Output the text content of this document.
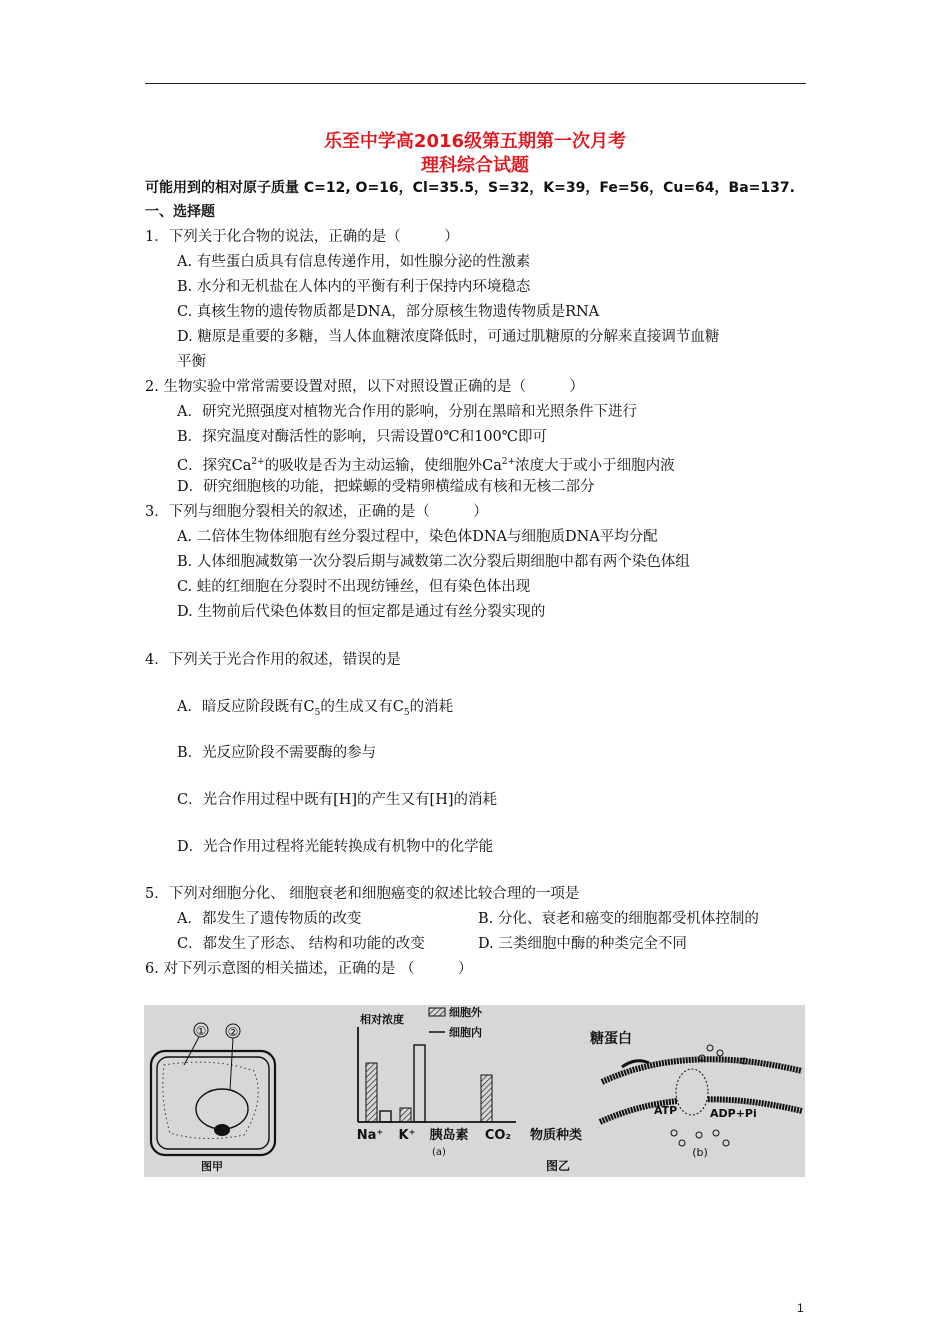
乐至中学高2016级第五期第一次月考
理科综合试题
可能用到的相对原子质量 C=12, O=16，Cl=35.5，S=32，K=39，Fe=56，Cu=64，Ba=137.
一、选择题
1．下列关于化合物的说法，正确的是（　　　）
A. 有些蛋白质具有信息传递作用，如性腺分泌的性激素
B. 水分和无机盐在人体内的平衡有利于保持内环境稳态
C. 真核生物的遗传物质都是DNA，部分原核生物遗传物质是RNA
D. 糖原是重要的多糖，当人体血糖浓度降低时，可通过肌糖原的分解来直接调节血糖
平衡
2. 生物实验中常常需要设置对照，以下对照设置正确的是（　　　）
A．研究光照强度对植物光合作用的影响，分别在黑暗和光照条件下进行
B．探究温度对酶活性的影响，只需设置0℃和100℃即可
C．探究$Ca^{2+}$的吸收是否为主动运输，使细胞外$Ca^{2+}$浓度大于或小于细胞内液
D．研究细胞核的功能，把蝾螈的受精卵横缢成有核和无核二部分
3．下列与细胞分裂相关的叙述，正确的是（　　　）
A. 二倍体生物体细胞有丝分裂过程中，染色体DNA与细胞质DNA平均分配
B. 人体细胞减数第一次分裂后期与减数第二次分裂后期细胞中都有两个染色体组
C. 蛙的红细胞在分裂时不出现纺锤丝，但有染色体出现
D. 生物前后代染色体数目的恒定都是通过有丝分裂实现的
4．下列关于光合作用的叙述，错误的是
A．暗反应阶段既有$C_5$的生成又有$C_5$的消耗
B．光反应阶段不需要酶的参与
C．光合作用过程中既有[H]的产生又有[H]的消耗
D．光合作用过程将光能转换成有机物中的化学能
5．下列对细胞分化、 细胞衰老和细胞癌变的叙述比较合理的一项是
A．都发生了遗传物质的改变	B. 分化、衰老和癌变的细胞都受机体控制的
C．都发生了形态、 结构和功能的改变	D. 三类细胞中酶的种类完全不同
6. 对下列示意图的相关描述，正确的是 （　　　）
① ②
图甲
相对浓度
细胞外
细胞内
Na⁺ K⁺ 胰岛素 CO₂ 物质种类
(a)
图乙
糖蛋白
ATP	ADP+Pi
(b)
1
